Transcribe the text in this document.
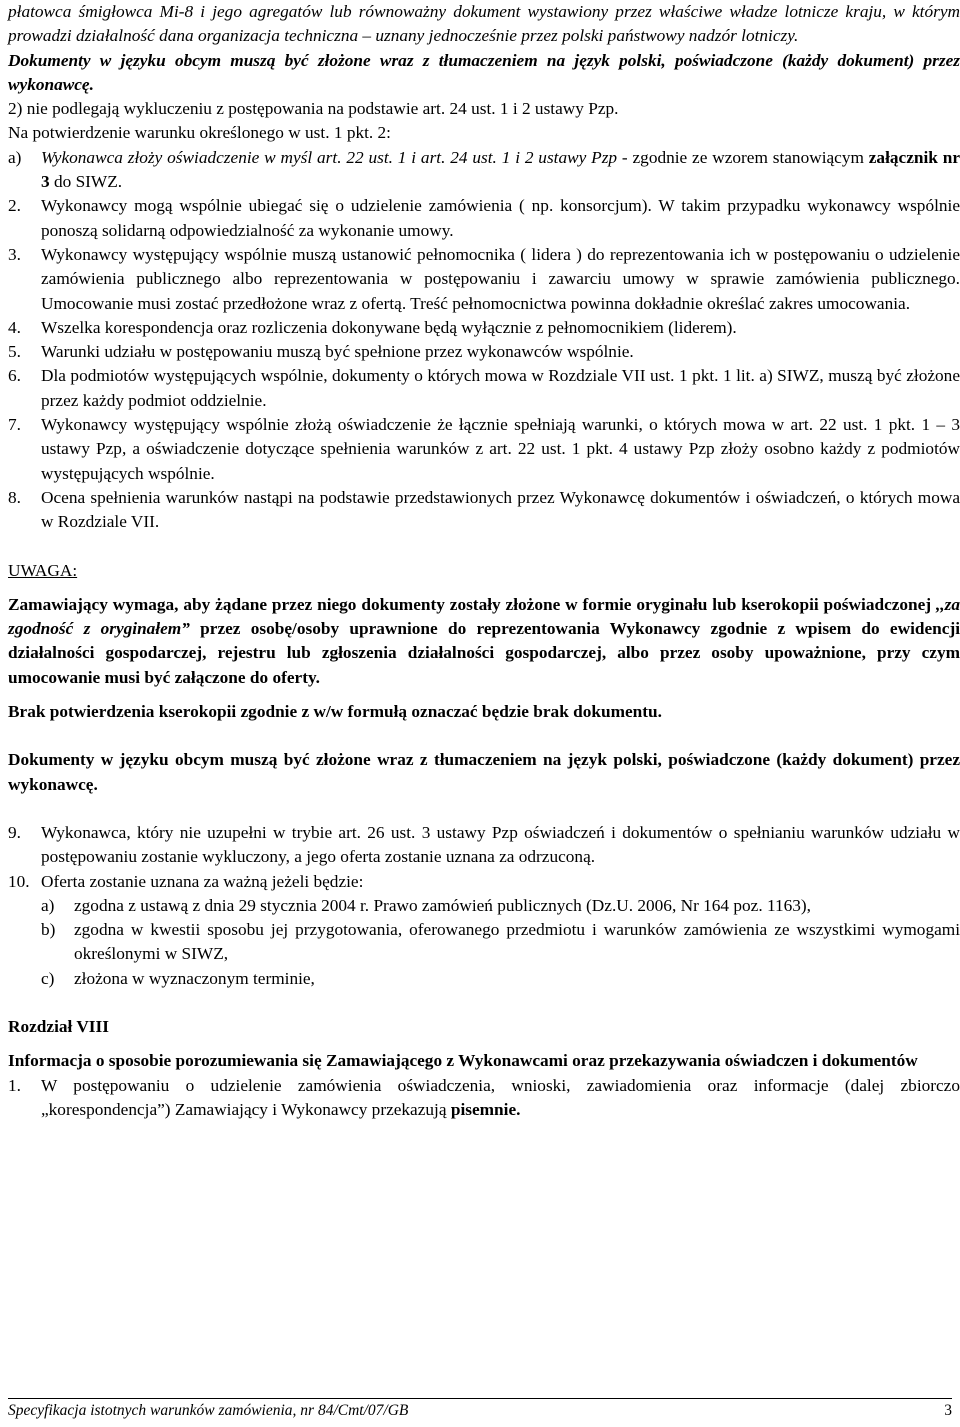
płatowca śmigłowca Mi-8 i jego agregatów lub równoważny dokument wystawiony przez właściwe władze lotnicze kraju, w którym prowadzi działalność dana organizacja techniczna – uznany jednocześnie przez polski państwowy nadzór lotniczy.

Dokumenty w języku obcym muszą być złożone wraz z tłumaczeniem na język polski, poświadczone (każdy dokument) przez wykonawcę.

2) nie podlegają wykluczeniu z postępowania na podstawie art. 24 ust. 1 i 2 ustawy Pzp.

Na potwierdzenie warunku określonego w ust. 1 pkt. 2:

a)	Wykonawca złoży oświadczenie w myśl art. 22 ust. 1 i art. 24 ust. 1 i 2 ustawy Pzp - zgodnie ze wzorem stanowiącym załącznik nr 3 do SIWZ.
2.	Wykonawcy mogą wspólnie ubiegać się o udzielenie zamówienia ( np. konsorcjum). W takim przypadku wykonawcy wspólnie ponoszą solidarną odpowiedzialność za wykonanie umowy.
3.	Wykonawcy występujący wspólnie muszą ustanowić pełnomocnika ( lidera ) do reprezentowania ich w postępowaniu o udzielenie zamówienia publicznego albo reprezentowania w postępowaniu i zawarciu umowy w sprawie zamówienia publicznego. Umocowanie musi zostać przedłożone wraz z ofertą. Treść pełnomocnictwa powinna dokładnie określać zakres umocowania.
4.	Wszelka korespondencja oraz rozliczenia dokonywane będą wyłącznie z pełnomocnikiem (liderem).
5.	Warunki udziału w postępowaniu muszą być spełnione przez wykonawców wspólnie.
6.	Dla podmiotów występujących wspólnie, dokumenty o których mowa w Rozdziale VII ust. 1 pkt. 1 lit. a) SIWZ, muszą być złożone przez każdy podmiot oddzielnie.
7.	Wykonawcy występujący wspólnie złożą oświadczenie że łącznie spełniają warunki, o których mowa w art. 22 ust. 1 pkt. 1 – 3 ustawy Pzp, a oświadczenie dotyczące spełnienia warunków z art. 22 ust. 1 pkt. 4 ustawy Pzp złoży osobno każdy z podmiotów występujących wspólnie.
8.	Ocena spełnienia warunków nastąpi na podstawie przedstawionych przez Wykonawcę dokumentów i oświadczeń, o których mowa w Rozdziale VII.

UWAGA:

Zamawiający wymaga, aby żądane przez niego dokumenty zostały złożone w formie oryginału lub kserokopii poświadczonej ,,za zgodność z oryginałem” przez osobę/osoby uprawnione do reprezentowania Wykonawcy zgodnie z wpisem do ewidencji działalności gospodarczej, rejestru lub zgłoszenia działalności gospodarczej, albo przez osoby upoważnione, przy czym umocowanie musi być załączone do oferty.

Brak potwierdzenia kserokopii zgodnie z w/w formułą oznaczać będzie brak dokumentu.

Dokumenty w języku obcym muszą być złożone wraz z tłumaczeniem na język polski, poświadczone (każdy dokument) przez wykonawcę.

9.	Wykonawca, który nie uzupełni w trybie art. 26 ust. 3 ustawy Pzp oświadczeń i dokumentów o spełnianiu warunków udziału w postępowaniu zostanie wykluczony, a jego oferta zostanie uznana za odrzuconą.
10. Oferta zostanie uznana za ważną jeżeli będzie:
a)	zgodna z ustawą z dnia 29 stycznia 2004 r. Prawo zamówień publicznych (Dz.U. 2006, Nr 164 poz. 1163),
b)	zgodna w kwestii sposobu jej przygotowania, oferowanego przedmiotu i warunków zamówienia ze wszystkimi wymogami określonymi w SIWZ,
c)	złożona w wyznaczonym terminie,

Rozdział VIII

Informacja o sposobie porozumiewania się Zamawiającego z Wykonawcami oraz przekazywania oświadczen i dokumentów

1.	W postępowaniu o udzielenie zamówienia oświadczenia, wnioski, zawiadomienia oraz informacje (dalej zbiorczo „korespondencja”) Zamawiający i Wykonawcy przekazują pisemnie.
Specyfikacja istotnych warunków zamówienia, nr 84/Cmt/07/GB	3
